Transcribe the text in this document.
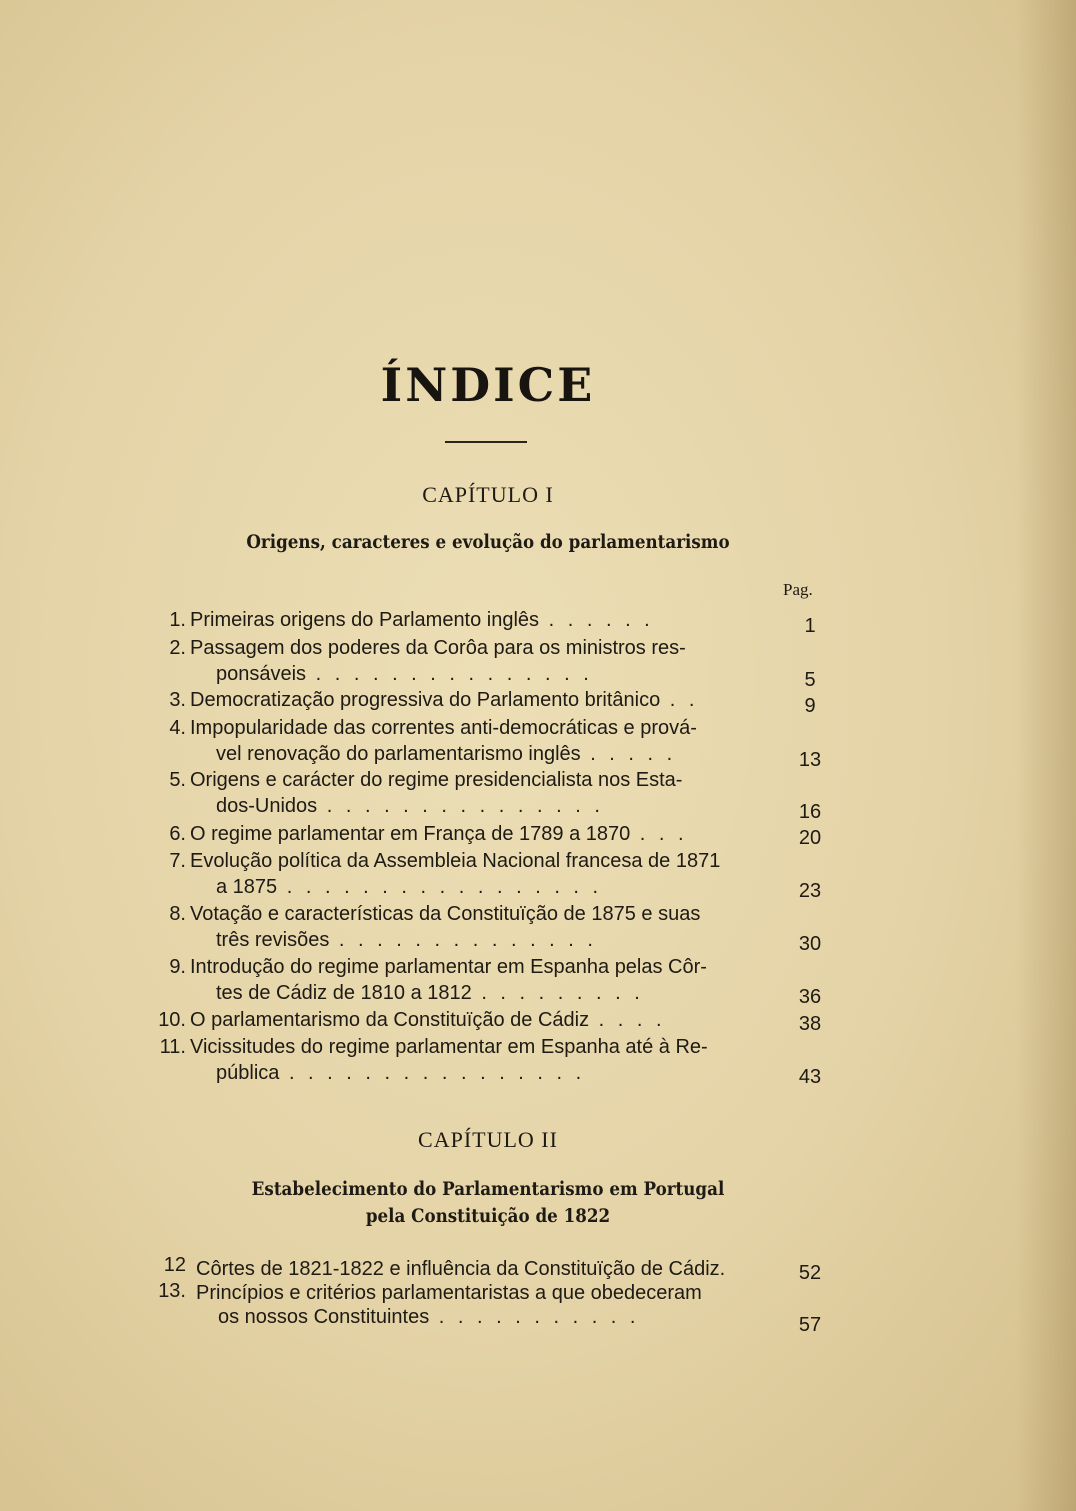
ÍNDICE
CAPÍTULO I
Origens, caracteres e evolução do parlamentarismo
Pag.
1. Primeiras origens do Parlamento inglês . . . . . .	1
2. Passagem dos poderes da Corôa para os ministros res-
ponsáveis . . . . . . . . . . . . . . .	5
3. Democratização progressiva do Parlamento britânico . .	9
4. Impopularidade das correntes anti-democráticas e prová-
vel renovação do parlamentarismo inglês . . . . .	13
5. Origens e carácter do regime presidencialista nos Esta-
dos-Unidos . . . . . . . . . . . . . . .	16
6. O regime parlamentar em França de 1789 a 1870 . . .	20
7. Evolução política da Assembleia Nacional francesa de 1871
a 1875 . . . . . . . . . . . . . . . . .	23
8. Votação e características da Constituïção de 1875 e suas
três revisões . . . . . . . . . . . . . .	30
9. Introdução do regime parlamentar em Espanha pelas Côr-
tes de Cádiz de 1810 a 1812 . . . . . . . . .	36
10. O parlamentarismo da Constituïção de Cádiz . . . .	38
11. Vicissitudes do regime parlamentar em Espanha até à Re-
pública . . . . . . . . . . . . . . . .	43
CAPÍTULO II
Estabelecimento do Parlamentarismo em Portugal
pela Constituição de 1822
12 Côrtes de 1821-1822 e influência da Constituïção de Cádiz.	52
13. Princípios e critérios parlamentaristas a que obedeceram
os nossos Constituintes . . . . . . . . . . .	57
